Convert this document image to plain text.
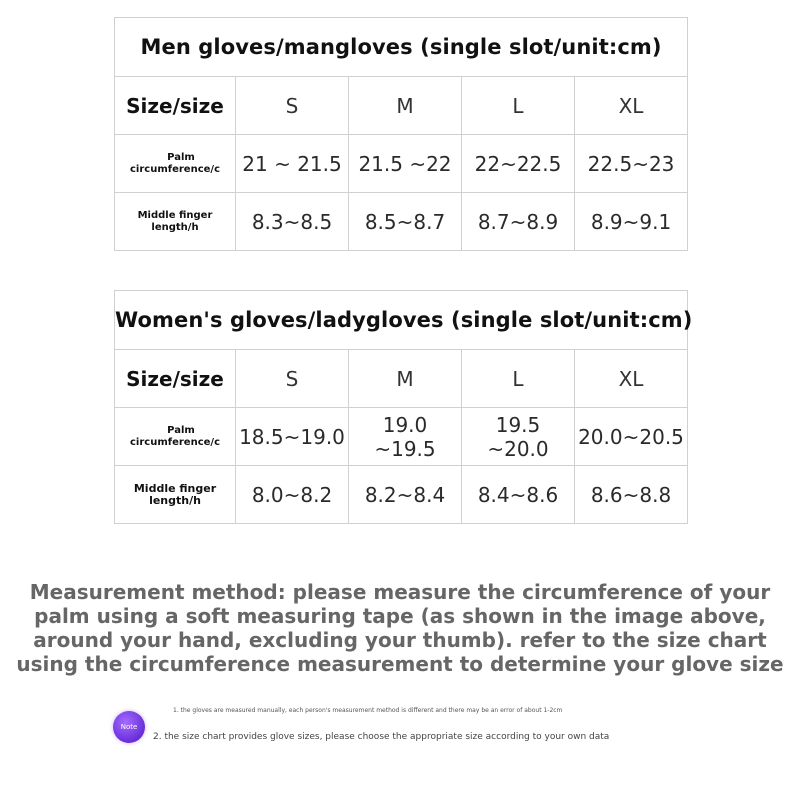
Men gloves/mangloves (single slot/unit:cm)				
Size/size	S	M	L	XL

Palm
circumference/c	21 ~ 21.5	21.5 ~22	22~22.5	22.5~23

Middle finger
length/h	8.3~8.5	8.5~8.7	8.7~8.9	8.9~9.1
Women's gloves/ladygloves (single slot/unit:cm)				
Size/size	S	M	L	XL

Palm
circumference/c	18.5~19.0	19.0 ~19.5	19.5 ~20.0	20.0~20.5

Middle finger
length/h	8.0~8.2	8.2~8.4	8.4~8.6	8.6~8.8
Measurement method: please measure the circumference of your
palm using a soft measuring tape (as shown in the image above,
around your hand, excluding your thumb). refer to the size chart
using the circumference measurement to determine your glove size
Note
1. the gloves are measured manually, each person's measurement method is different and there may be an error of about 1-2cm
2. the size chart provides glove sizes, please choose the appropriate size according to your own data
